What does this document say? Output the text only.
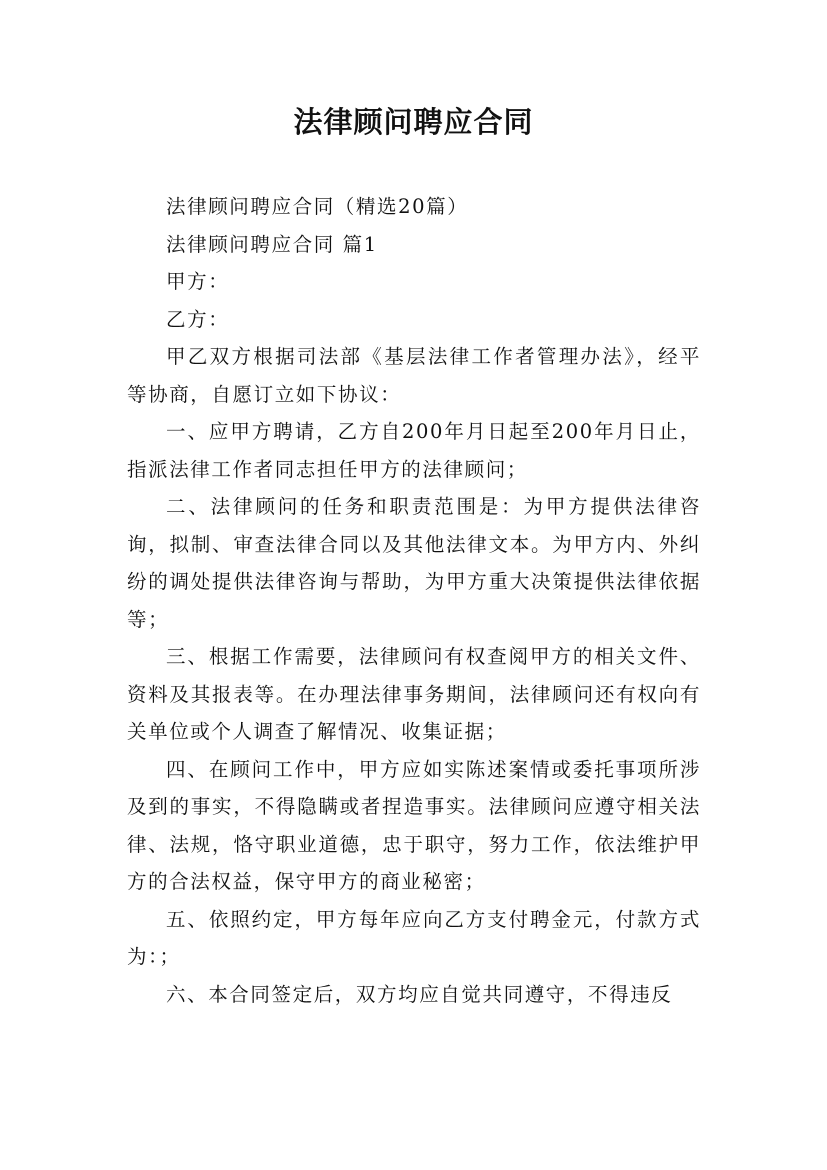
法律顾问聘应合同

法律顾问聘应合同（精选20篇）

法律顾问聘应合同 篇1

甲方：

乙方：

甲乙双方根据司法部《基层法律工作者管理办法》，经平等协商，自愿订立如下协议：

一、应甲方聘请，乙方自200年月日起至200年月日止，指派法律工作者同志担任甲方的法律顾问；

二、法律顾问的任务和职责范围是：为甲方提供法律咨询，拟制、审查法律合同以及其他法律文本。为甲方内、外纠纷的调处提供法律咨询与帮助，为甲方重大决策提供法律依据等；

三、根据工作需要，法律顾问有权查阅甲方的相关文件、资料及其报表等。在办理法律事务期间，法律顾问还有权向有关单位或个人调查了解情况、收集证据；

四、在顾问工作中，甲方应如实陈述案情或委托事项所涉及到的事实，不得隐瞒或者捏造事实。法律顾问应遵守相关法律、法规，恪守职业道德，忠于职守，努力工作，依法维护甲方的合法权益，保守甲方的商业秘密；

五、依照约定，甲方每年应向乙方支付聘金元，付款方式为：；

六、本合同签定后，双方均应自觉共同遵守，不得违反
